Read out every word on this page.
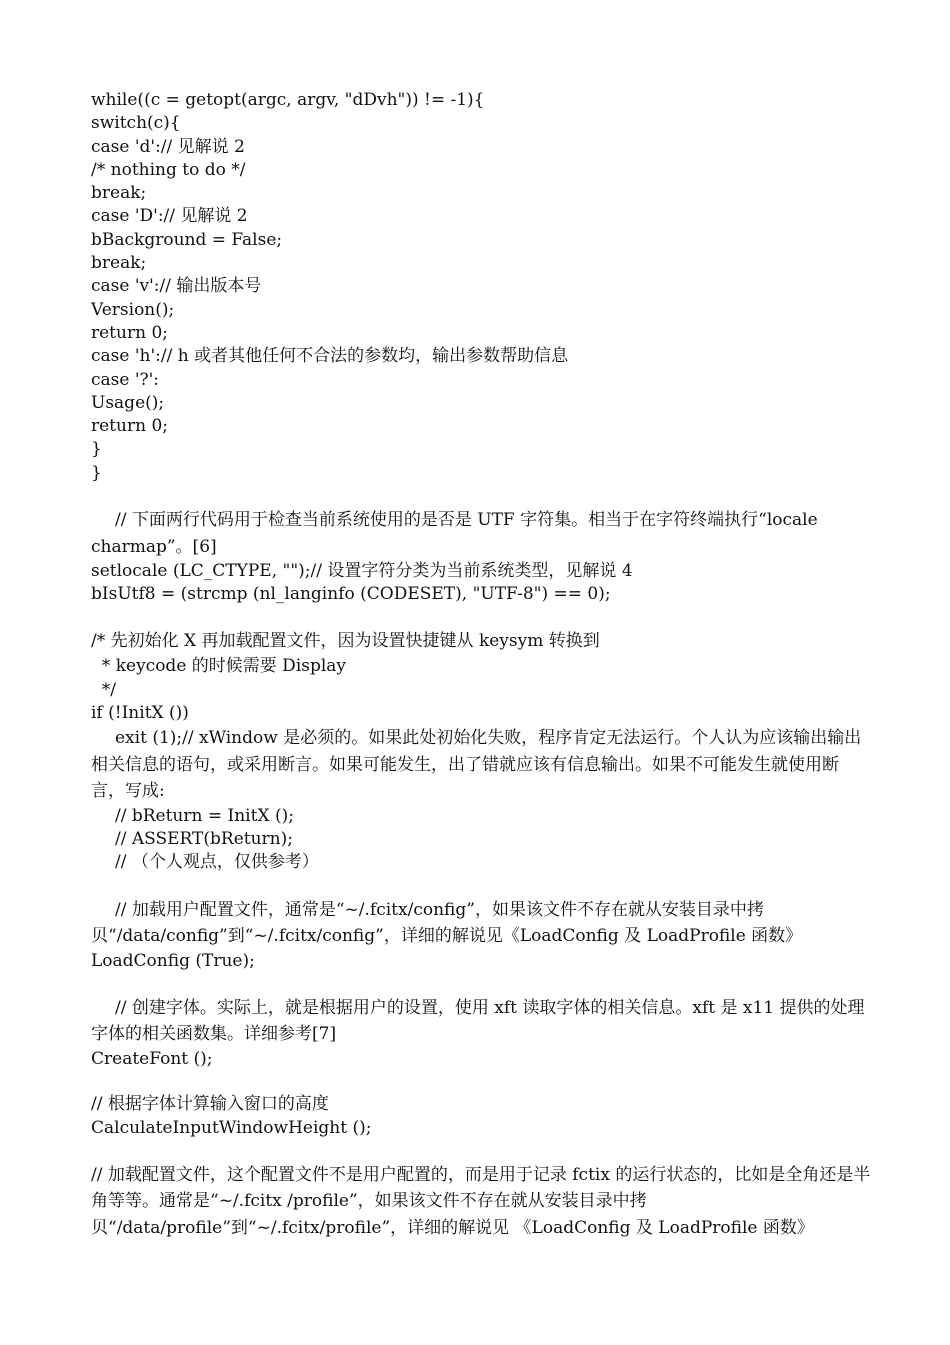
while((c = getopt(argc, argv, "dDvh")) != -1){

switch(c){

case 'd':// 见解说 2

/* nothing to do */

break;

case 'D':// 见解说 2

bBackground = False;

break;

case 'v':// 输出版本号

Version();

return 0;

case 'h':// h 或者其他任何不合法的参数均，输出参数帮助信息

case '?':

Usage();

return 0;

}

}

// 下面两行代码用于检查当前系统使用的是否是 UTF 字符集。相当于在字符终端执行“locale charmap”。[6]

setlocale (LC_CTYPE, "");// 设置字符分类为当前系统类型，见解说 4

bIsUtf8 = (strcmp (nl_langinfo (CODESET), "UTF-8") == 0);

/* 先初始化 X 再加载配置文件，因为设置快捷键从 keysym 转换到

* keycode 的时候需要 Display

*/

if (!InitX ())

exit (1);// xWindow 是必须的。如果此处初始化失败，程序肯定无法运行。个人认为应该输出输出相关信息的语句，或采用断言。如果可能发生，出了错就应该有信息输出。如果不可能发生就使用断言，写成:

// bReturn = InitX ();

// ASSERT(bReturn);

// （个人观点，仅供参考）

// 加载用户配置文件，通常是“~/.fcitx/config”，如果该文件不存在就从安装目录中拷贝“/data/config”到“~/.fcitx/config”，详细的解说见《LoadConfig 及 LoadProfile 函数》

LoadConfig (True);

// 创建字体。实际上，就是根据用户的设置，使用 xft 读取字体的相关信息。xft 是 x11 提供的处理字体的相关函数集。详细参考[7]

CreateFont ();

// 根据字体计算输入窗口的高度

CalculateInputWindowHeight ();

// 加载配置文件，这个配置文件不是用户配置的，而是用于记录 fctix 的运行状态的，比如是全角还是半角等等。通常是“~/.fcitx /profile”，如果该文件不存在就从安装目录中拷贝“/data/profile”到“~/.fcitx/profile”，详细的解说见 《LoadConfig 及 LoadProfile 函数》
